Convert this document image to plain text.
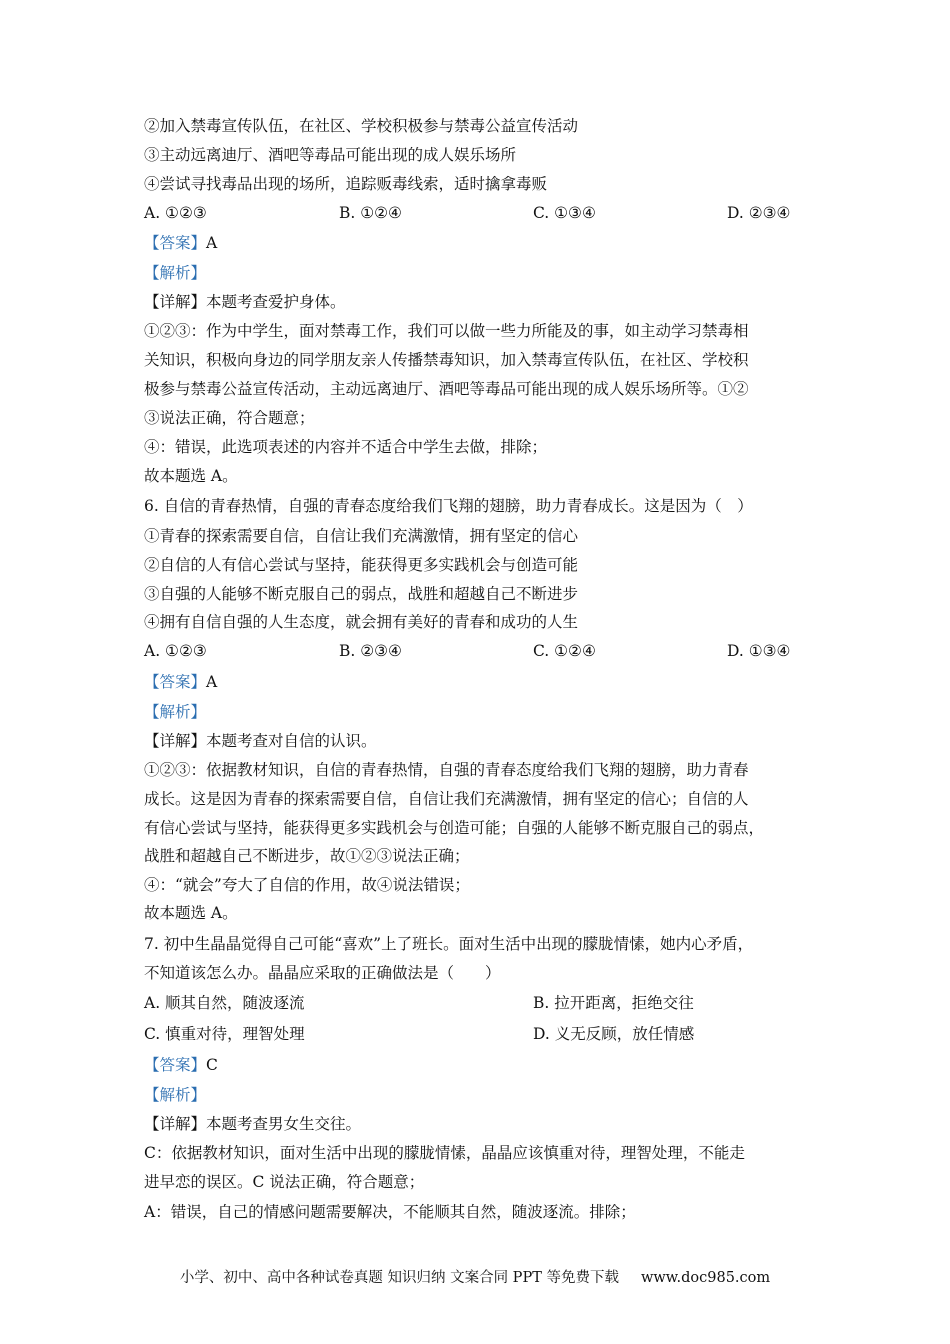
②加入禁毒宣传队伍，在社区、学校积极参与禁毒公益宣传活动
③主动远离迪厅、酒吧等毒品可能出现的成人娱乐场所
④尝试寻找毒品出现的场所，追踪贩毒线索，适时擒拿毒贩
A. ①②③	B. ①②④	C. ①③④	D. ②③④
【答案】A
【解析】
【详解】本题考查爱护身体。
①②③：作为中学生，面对禁毒工作，我们可以做一些力所能及的事，如主动学习禁毒相
关知识，积极向身边的同学朋友亲人传播禁毒知识，加入禁毒宣传队伍，在社区、学校积
极参与禁毒公益宣传活动，主动远离迪厅、酒吧等毒品可能出现的成人娱乐场所等。①②
③说法正确，符合题意；
④：错误，此选项表述的内容并不适合中学生去做，排除；
故本题选 A。
6. 自信的青春热情，自强的青春态度给我们飞翔的翅膀，助力青春成长。这是因为（　）
①青春的探索需要自信，自信让我们充满激情，拥有坚定的信心
②自信的人有信心尝试与坚持，能获得更多实践机会与创造可能
③自强的人能够不断克服自己的弱点，战胜和超越自己不断进步
④拥有自信自强的人生态度，就会拥有美好的青春和成功的人生
A. ①②③	B. ②③④	C. ①②④	D. ①③④
【答案】A
【解析】
【详解】本题考查对自信的认识。
①②③：依据教材知识，自信的青春热情，自强的青春态度给我们飞翔的翅膀，助力青春
成长。这是因为青春的探索需要自信，自信让我们充满激情，拥有坚定的信心；自信的人
有信心尝试与坚持，能获得更多实践机会与创造可能；自强的人能够不断克服自己的弱点，
战胜和超越自己不断进步，故①②③说法正确；
④：“就会”夸大了自信的作用，故④说法错误；
故本题选 A。
7. 初中生晶晶觉得自己可能“喜欢”上了班长。面对生活中出现的朦胧情愫，她内心矛盾，
不知道该怎么办。晶晶应采取的正确做法是（　　）
A. 顺其自然，随波逐流	B. 拉开距离，拒绝交往
C. 慎重对待，理智处理	D. 义无反顾，放任情感
【答案】C
【解析】
【详解】本题考查男女生交往。
C：依据教材知识，面对生活中出现的朦胧情愫，晶晶应该慎重对待，理智处理，不能走
进早恋的误区。C 说法正确，符合题意；
A：错误，自己的情感问题需要解决，不能顺其自然，随波逐流。排除；
小学、初中、高中各种试卷真题 知识归纳 文案合同 PPT 等免费下载 www.doc985.com
